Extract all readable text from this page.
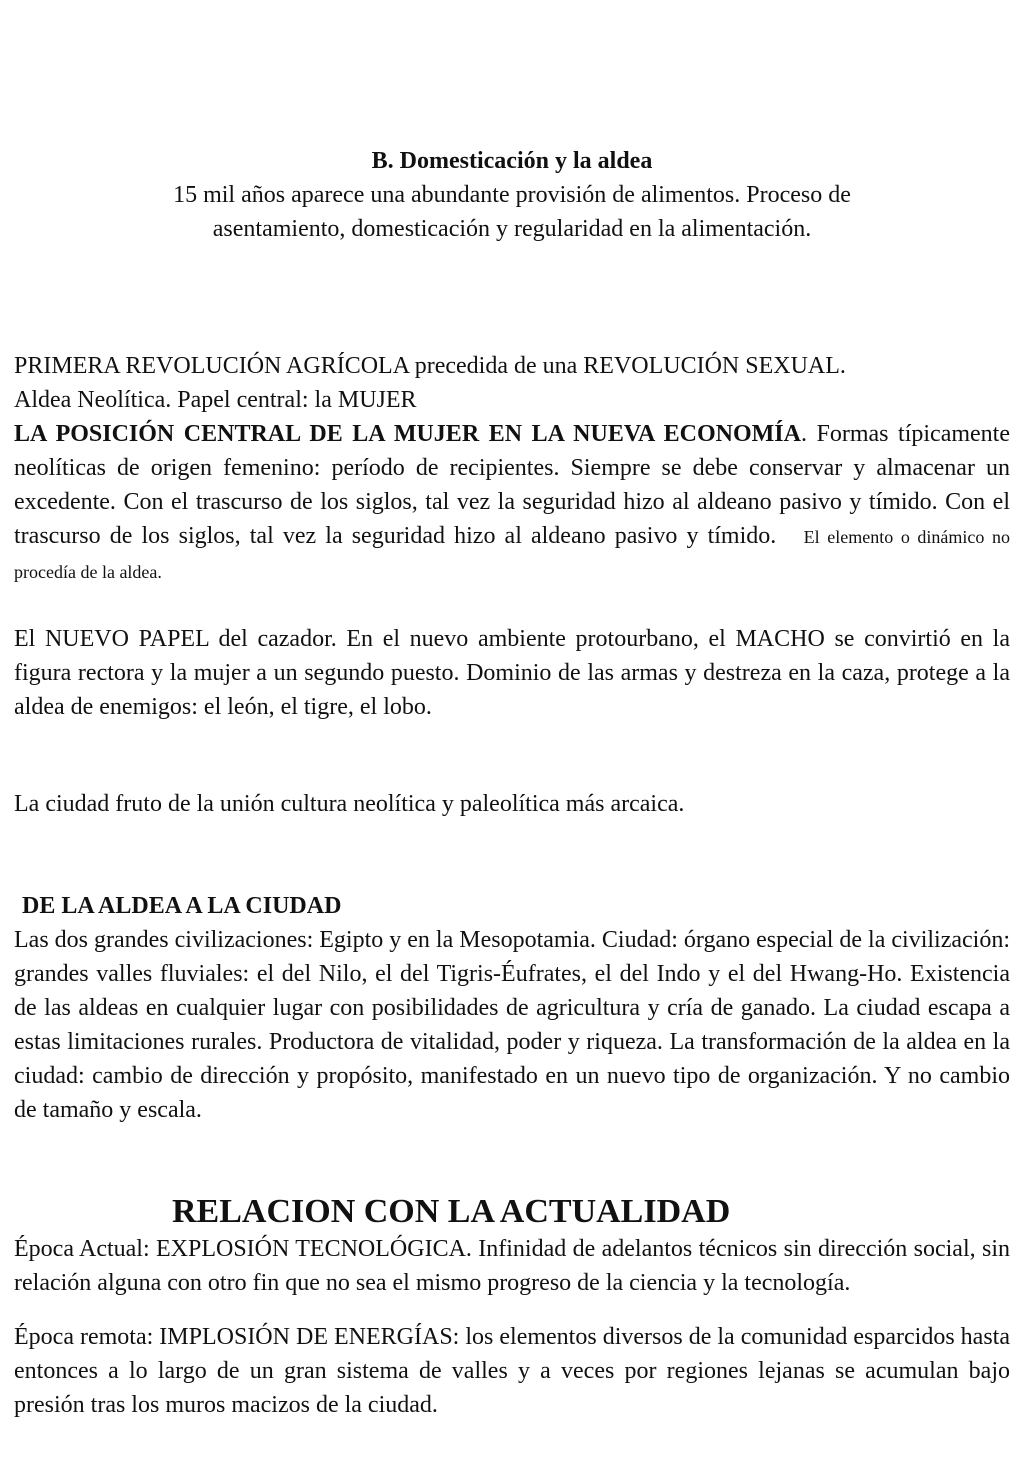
B. Domesticación y la aldea

15 mil años aparece una abundante provisión de alimentos. Proceso de

asentamiento, domesticación y regularidad en la alimentación.

PRIMERA REVOLUCIÓN AGRÍCOLA precedida de una REVOLUCIÓN SEXUAL.

Aldea Neolítica. Papel central: la MUJER

LA POSICIÓN CENTRAL DE LA MUJER EN LA NUEVA ECONOMÍA. Formas típicamente neolíticas de origen femenino: período de recipientes. Siempre se debe conservar y almacenar un excedente. Con el trascurso de los siglos, tal vez la seguridad hizo al aldeano pasivo y tímido. Con el trascurso de los siglos, tal vez la seguridad hizo al aldeano pasivo y tímido. El elemento o dinámico no procedía de la aldea.

El NUEVO PAPEL del cazador. En el nuevo ambiente protourbano, el MACHO se convirtió en la figura rectora y la mujer a un segundo puesto. Dominio de las armas y destreza en la caza, protege a la aldea de enemigos: el león, el tigre, el lobo.
La ciudad fruto de la unión cultura neolítica y paleolítica más arcaica.

DE LA ALDEA A LA CIUDAD

Las dos grandes civilizaciones: Egipto y en la Mesopotamia. Ciudad: órgano especial de la civilización: grandes valles fluviales: el del Nilo, el del Tigris-Éufrates, el del Indo y el del Hwang-Ho. Existencia de las aldeas en cualquier lugar con posibilidades de agricultura y cría de ganado. La ciudad escapa a estas limitaciones rurales. Productora de vitalidad, poder y riqueza. La transformación de la aldea en la ciudad: cambio de dirección y propósito, manifestado en un nuevo tipo de organización. Y no cambio de tamaño y escala.

RELACION CON LA ACTUALIDAD

Época Actual: EXPLOSIÓN TECNOLÓGICA. Infinidad de adelantos técnicos sin dirección social, sin relación alguna con otro fin que no sea el mismo progreso de la ciencia y la tecnología.

Época remota: IMPLOSIÓN DE ENERGÍAS: los elementos diversos de la comunidad esparcidos hasta entonces a lo largo de un gran sistema de valles y a veces por regiones lejanas se acumulan bajo presión tras los muros macizos de la ciudad.
